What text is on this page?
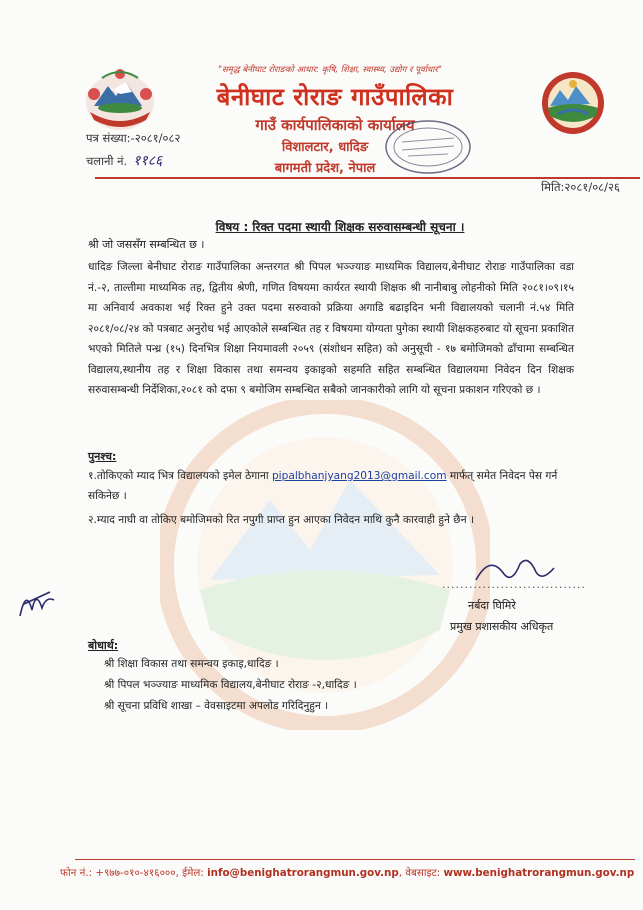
"समृद्ध बेनीघाट रोराङको आधार: कृषि, शिक्षा, स्वास्थ्य, उद्योग र पूर्वाधार"
बेनीघाट रोराङ गाउँपालिका
गाउँ कार्यपालिकाको कार्यालय
विशालटार, धादिङ
बागमती प्रदेश, नेपाल
पत्र संख्या:-२०८१/०८२
चलानी नं. ११८६
मिति:२०८१/०८/२६
विषय : रिक्त पदमा स्थायी शिक्षक सरुवासम्बन्धी सूचना ।
श्री जो जससँग सम्बन्धित छ ।
धादिङ जिल्ला बेनीघाट रोराङ गाउँपालिका अन्तरगत श्री पिपल भञ्ज्याङ माध्यमिक विद्यालय,बेनीघाट रोराङ गाउँपालिका वडा नं.-२, ताल्तीमा माध्यमिक तह, द्वितीय श्रेणी, गणित विषयमा कार्यरत स्थायी शिक्षक श्री नानीबाबु लोहनीको मिति २०८१।०९।१५ मा अनिवार्य अवकाश भई रिक्त हुने उक्त पदमा सरुवाको प्रक्रिया अगाडि बढाइदिन भनी विद्यालयको चलानी नं.५४ मिति २०८१/०८/२४ को पत्रबाट अनुरोध भई आएकोले सम्बन्धित तह र विषयमा योग्यता पुगेका स्थायी शिक्षकहरुबाट यो सूचना प्रकाशित भएको मितिले पन्ध्र (१५) दिनभित्र शिक्षा नियमावली २०५९ (संशोधन सहित) को अनुसूची - १७ बमोजिमको ढाँचामा सम्बन्धित विद्यालय,स्थानीय तह र शिक्षा विकास तथा समन्वय इकाइको सहमति सहित सम्बन्धित विद्यालयमा निवेदन दिन शिक्षक सरुवासम्बन्धी निर्देशिका,२०८१ को दफा ९ बमोजिम सम्बन्धित सबैको जानकारीको लागि यो सूचना प्रकाशन गरिएको छ ।
पुनश्च:
१.तोकिएको म्याद भित्र विद्यालयको इमेल ठेगाना pipalbhanjyang2013@gmail.com मार्फत् समेत निवेदन पेस गर्न सकिनेछ ।
२.म्याद नाघी वा तोकिए बमोजिमको रित नपुगी प्राप्त हुन आएका निवेदन माथि कुनै कारवाही हुने छैन ।
................................
नर्बदा घिमिरे
प्रमुख प्रशासकीय अधिकृत
बोधार्थ:
श्री शिक्षा विकास तथा समन्वय इकाइ,धादिङ ।
श्री पिपल भञ्ज्याङ माध्यमिक विद्यालय,बेनीघाट रोराङ -२,धादिङ ।
श्री सूचना प्रविधि शाखा – वेवसाइटमा अपलोड गरिदिनुहुन ।
फोन नं.: +९७७-०१०-४१६०००, ईमेल: info@benighatrorangmun.gov.np, वेबसाइट: www.benighatrorangmun.gov.np
